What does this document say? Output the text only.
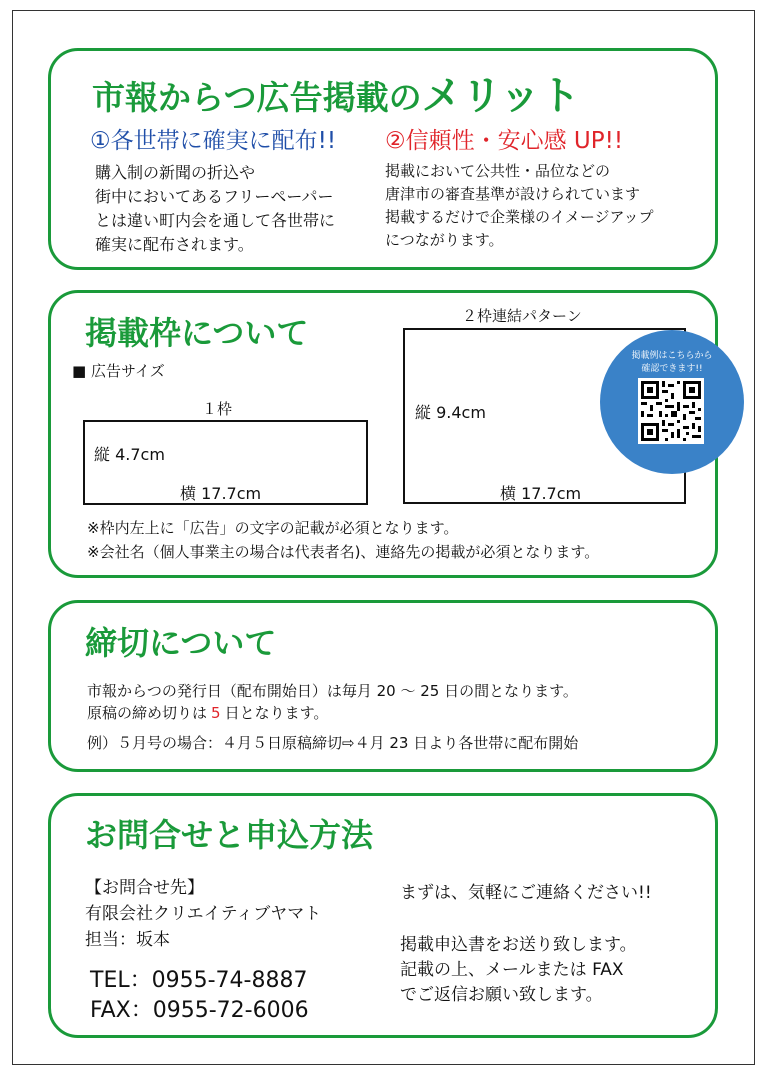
市報からつ広告掲載のメリット
①各世帯に確実に配布!! ②信頼性・安心感 UP!!
購入制の新聞の折込や
街中においてあるフリーペーパー
とは違い町内会を通して各世帯に
確実に配布されます。
掲載において公共性・品位などの
唐津市の審査基準が設けられています
掲載するだけで企業様のイメージアップ
につながります。
掲載枠について
■ 広告サイズ
１枠
縦 4.7cm
横 17.7cm
２枠連結パターン
縦 9.4cm
横 17.7cm
掲載例はこちらから
確認できます!!
※枠内左上に「広告」の文字の記載が必須となります。
※会社名（個人事業主の場合は代表者名)、連絡先の掲載が必須となります。
締切について
市報からつの発行日（配布開始日）は毎月 20 ～ 25 日の間となります。
原稿の締め切りは 5 日となります。
例）５月号の場合：４月５日原稿締切⇨４月 23 日より各世帯に配布開始
お問合せと申込方法
【お問合せ先】
有限会社クリエイティブヤマト
担当：坂本
TEL：0955-74-8887
FAX：0955-72-6006
まずは、気軽にご連絡ください!!
掲載申込書をお送り致します。
記載の上、メールまたは FAX
でご返信お願い致します。
